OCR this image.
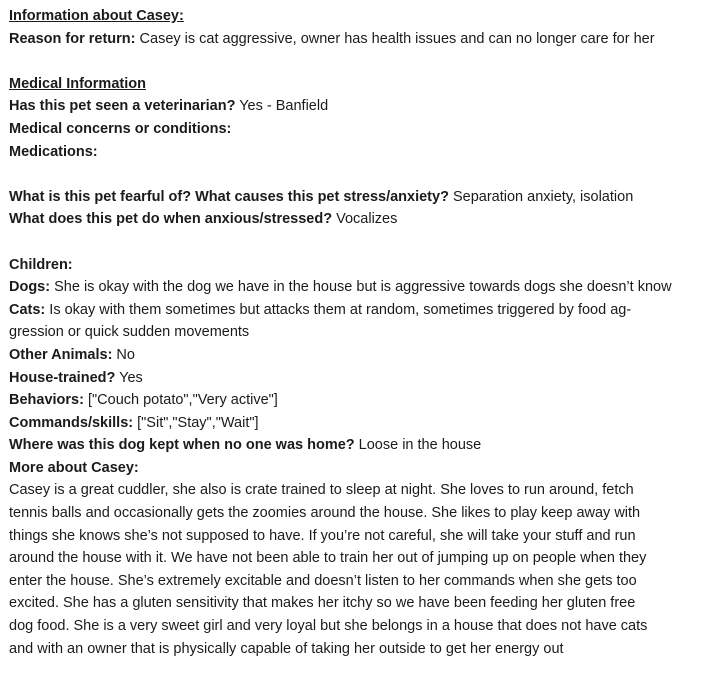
Information about Casey:
Reason for return: Casey is cat aggressive, owner has health issues and can no longer care for her
Medical Information
Has this pet seen a veterinarian? Yes - Banfield
Medical concerns or conditions:
Medications:
What is this pet fearful of? What causes this pet stress/anxiety? Separation anxiety, isolation
What does this pet do when anxious/stressed? Vocalizes
Children:
Dogs: She is okay with the dog we have in the house but is aggressive towards dogs she doesn’t know
Cats: Is okay with them sometimes but attacks them at random, sometimes triggered by food ag-
gression or quick sudden movements
Other Animals: No
House-trained? Yes
Behaviors: ["Couch potato","Very active"]
Commands/skills: ["Sit","Stay","Wait"]
Where was this dog kept when no one was home? Loose in the house
More about Casey:
Casey is a great cuddler, she also is crate trained to sleep at night. She loves to run around, fetch
tennis balls and occasionally gets the zoomies around the house. She likes to play keep away with
things she knows she’s not supposed to have. If you’re not careful, she will take your stuff and run
around the house with it. We have not been able to train her out of jumping up on people when they
enter the house. She’s extremely excitable and doesn’t listen to her commands when she gets too
excited. She has a gluten sensitivity that makes her itchy so we have been feeding her gluten free
dog food. She is a very sweet girl and very loyal but she belongs in a house that does not have cats
and with an owner that is physically capable of taking her outside to get her energy out
